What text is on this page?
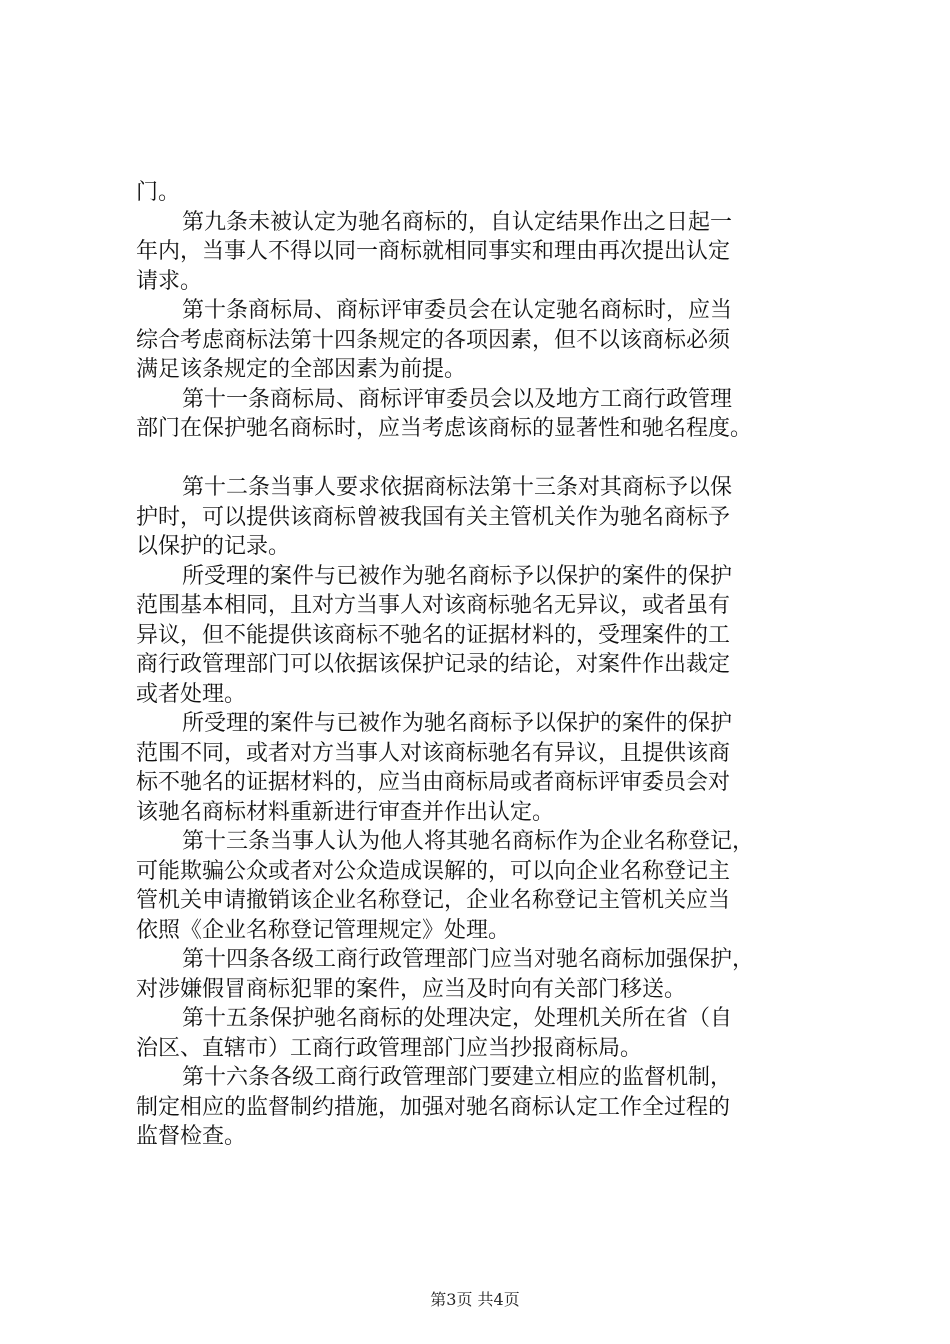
门。
第九条未被认定为驰名商标的，自认定结果作出之日起一
年内，当事人不得以同一商标就相同事实和理由再次提出认定
请求。
第十条商标局、商标评审委员会在认定驰名商标时，应当
综合考虑商标法第十四条规定的各项因素，但不以该商标必须
满足该条规定的全部因素为前提。
第十一条商标局、商标评审委员会以及地方工商行政管理
部门在保护驰名商标时，应当考虑该商标的显著性和驰名程度。
第十二条当事人要求依据商标法第十三条对其商标予以保
护时，可以提供该商标曾被我国有关主管机关作为驰名商标予
以保护的记录。
所受理的案件与已被作为驰名商标予以保护的案件的保护
范围基本相同，且对方当事人对该商标驰名无异议，或者虽有
异议，但不能提供该商标不驰名的证据材料的，受理案件的工
商行政管理部门可以依据该保护记录的结论，对案件作出裁定
或者处理。
所受理的案件与已被作为驰名商标予以保护的案件的保护
范围不同，或者对方当事人对该商标驰名有异议，且提供该商
标不驰名的证据材料的，应当由商标局或者商标评审委员会对
该驰名商标材料重新进行审查并作出认定。
第十三条当事人认为他人将其驰名商标作为企业名称登记，
可能欺骗公众或者对公众造成误解的，可以向企业名称登记主
管机关申请撤销该企业名称登记，企业名称登记主管机关应当
依照《企业名称登记管理规定》处理。
第十四条各级工商行政管理部门应当对驰名商标加强保护，
对涉嫌假冒商标犯罪的案件，应当及时向有关部门移送。
第十五条保护驰名商标的处理决定，处理机关所在省（自
治区、直辖市）工商行政管理部门应当抄报商标局。
第十六条各级工商行政管理部门要建立相应的监督机制，
制定相应的监督制约措施，加强对驰名商标认定工作全过程的
监督检查。
第3页 共4页
